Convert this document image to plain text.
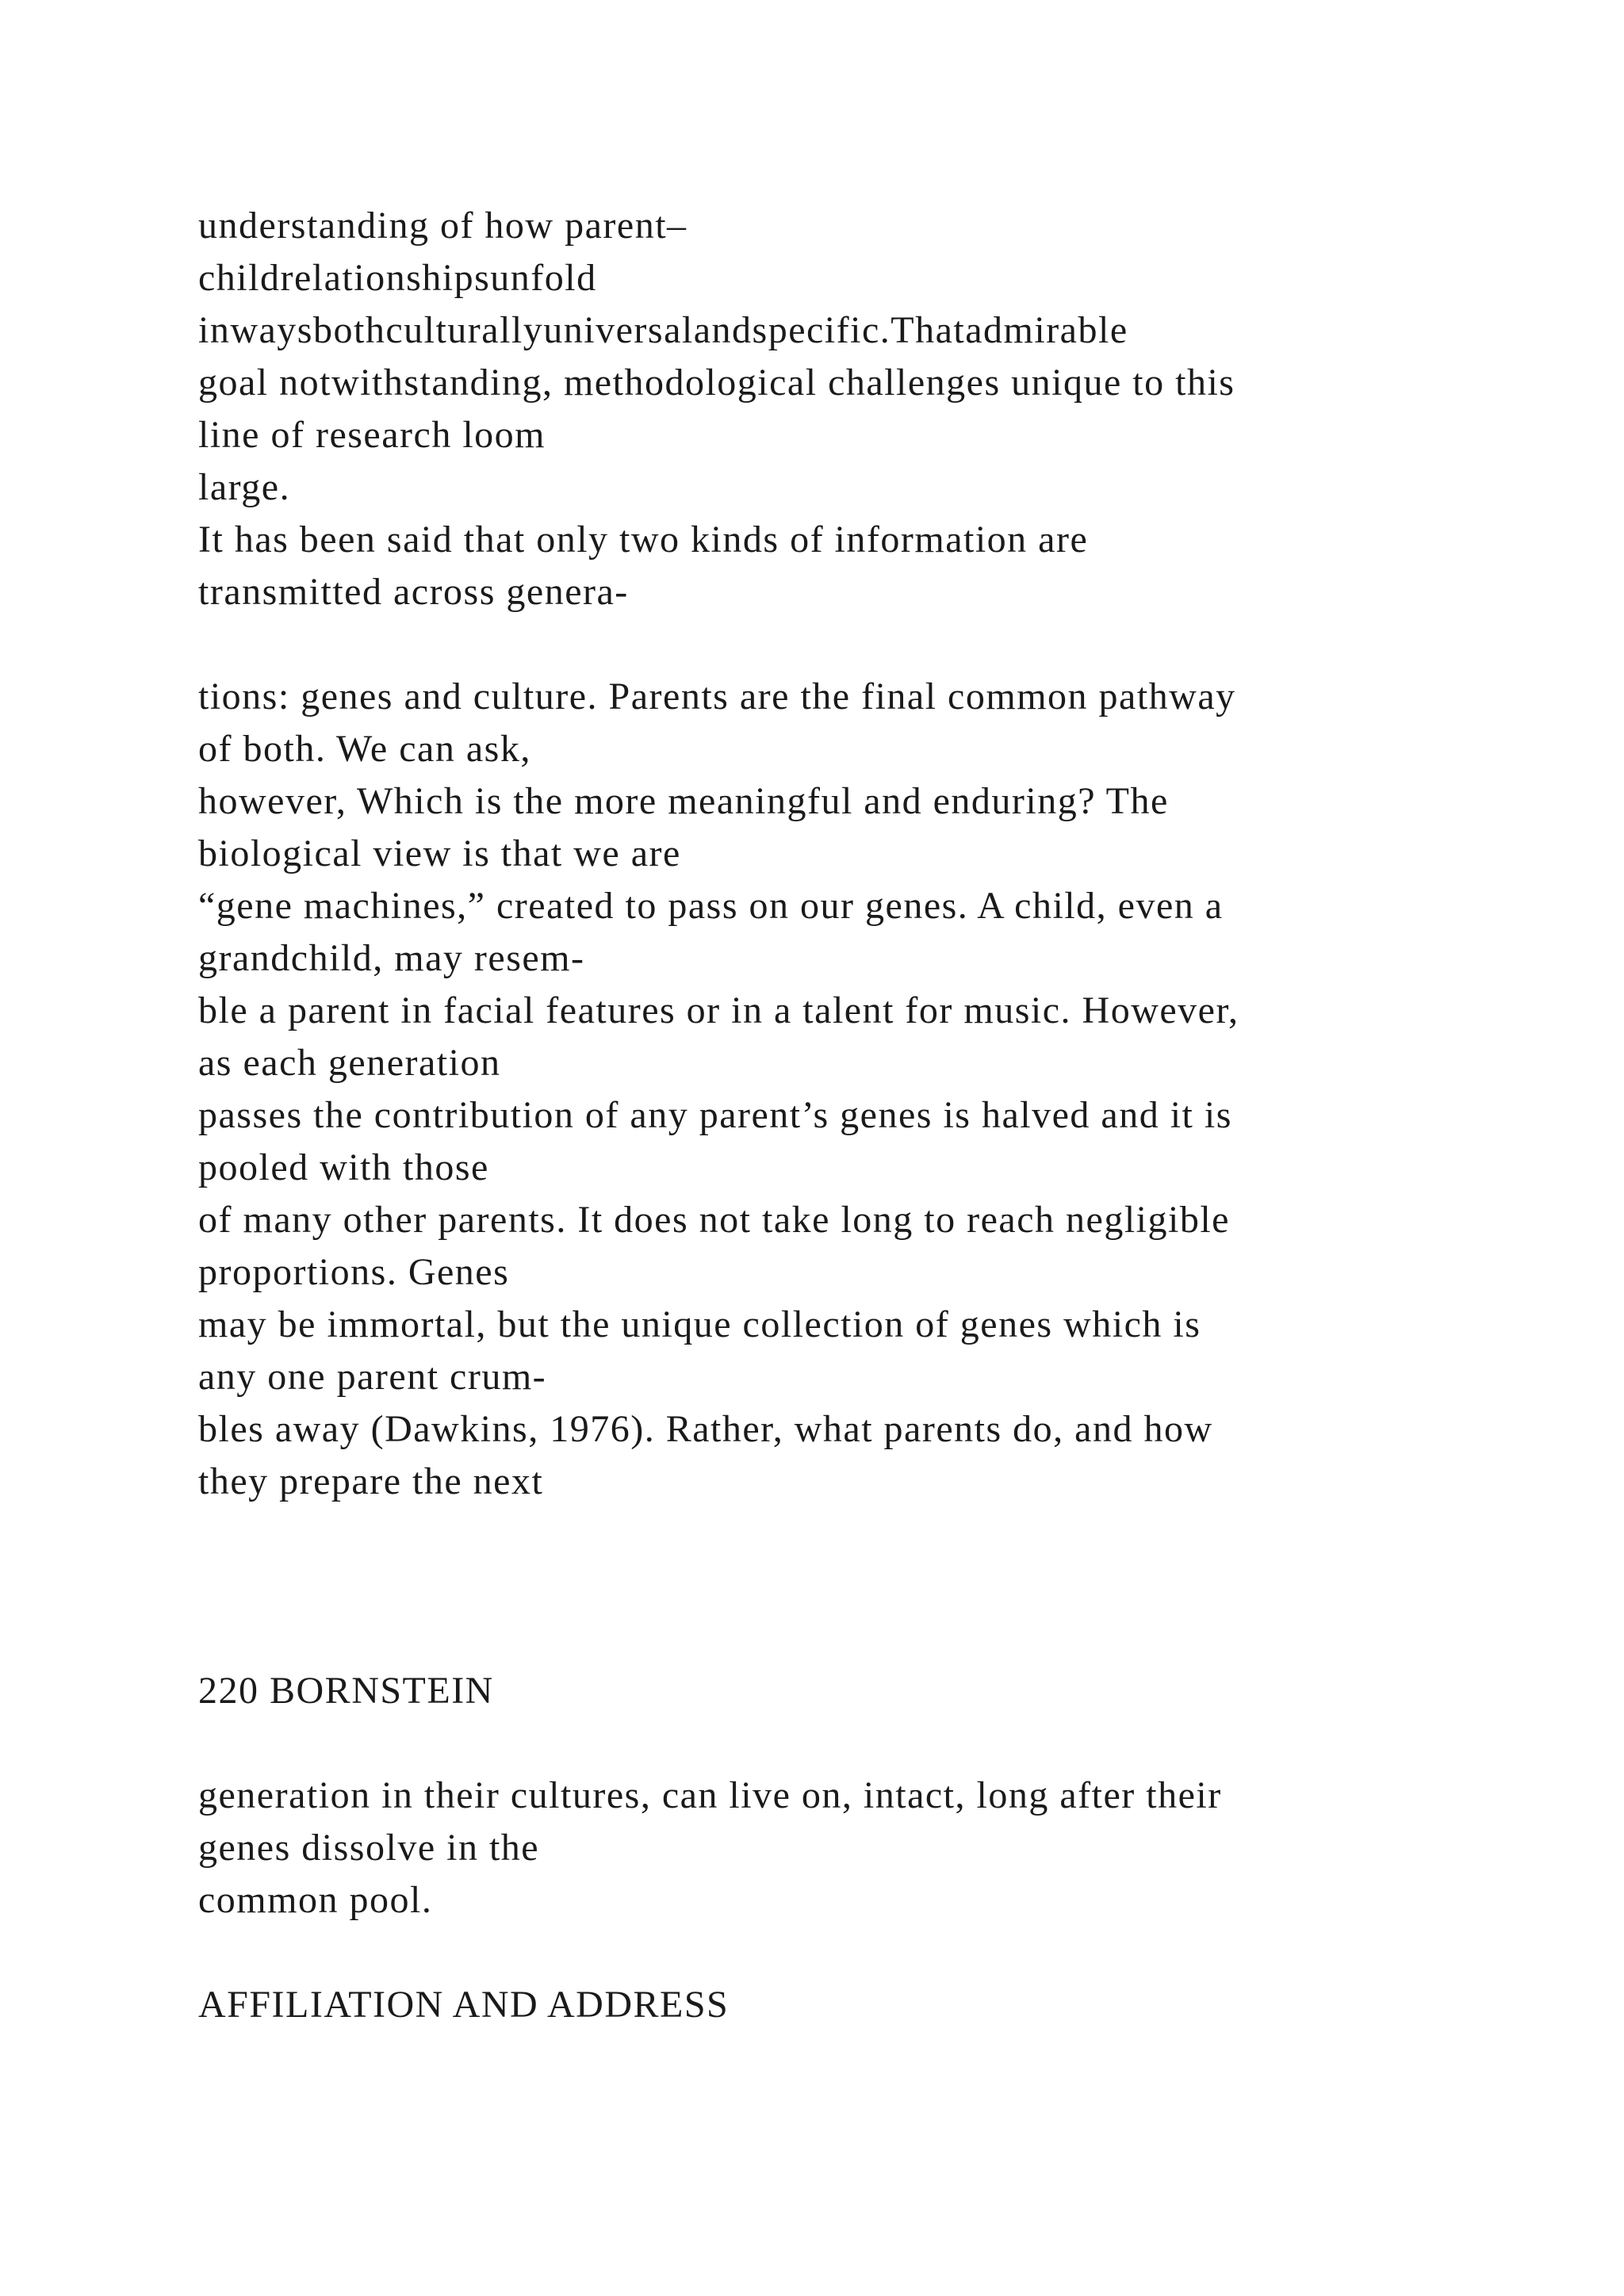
understanding of how parent–

childrelationshipsunfold

inwaysbothculturallyuniversalandspecific.Thatadmirable

goal notwithstanding, methodological challenges unique to this

line of research loom

large.

It has been said that only two kinds of information are

transmitted across genera-

tions: genes and culture. Parents are the final common pathway

of both. We can ask,

however, Which is the more meaningful and enduring? The

biological view is that we are

“gene machines,” created to pass on our genes. A child, even a

grandchild, may resem-

ble a parent in facial features or in a talent for music. However,

as each generation

passes the contribution of any parent’s genes is halved and it is

pooled with those

of many other parents. It does not take long to reach negligible

proportions. Genes

may be immortal, but the unique collection of genes which is

any one parent crum-

bles away (Dawkins, 1976). Rather, what parents do, and how

they prepare the next

220 BORNSTEIN

generation in their cultures, can live on, intact, long after their

genes dissolve in the

common pool.

AFFILIATION AND ADDRESS
